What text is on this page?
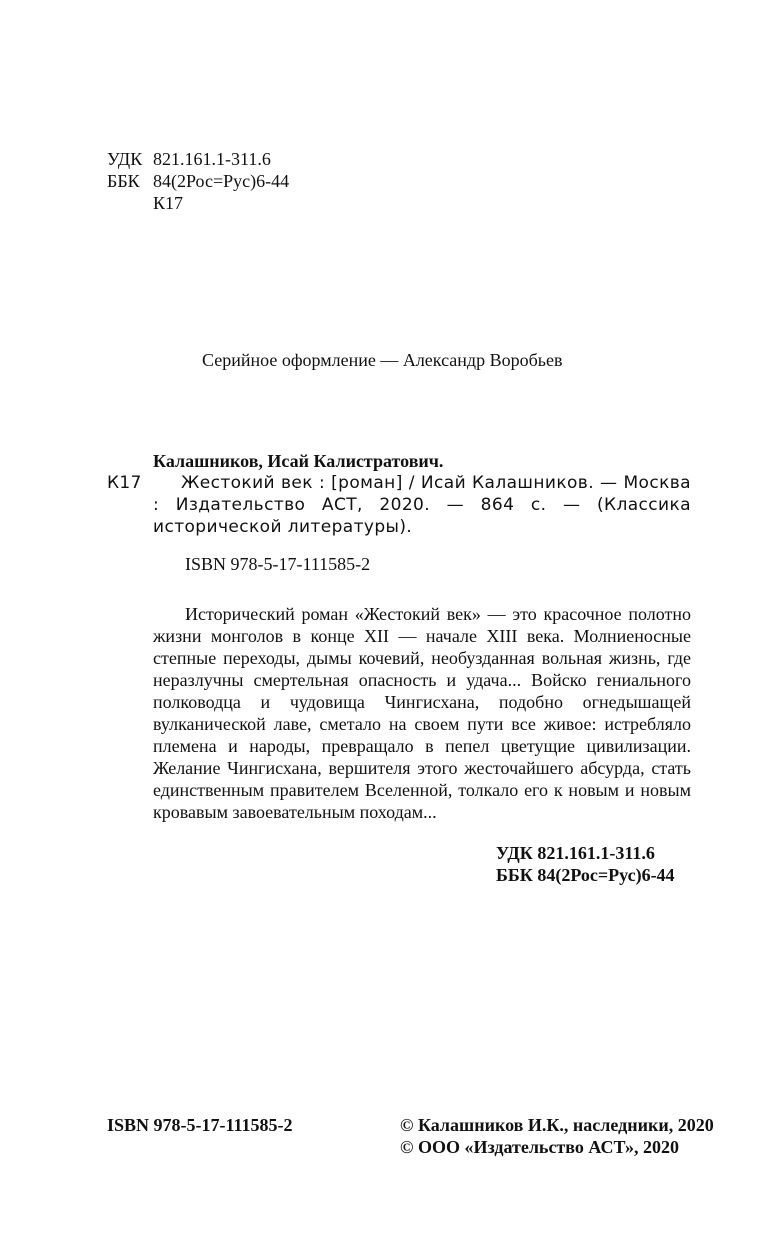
УДК 821.161.1-311.6
ББК 84(2Рос=Рус)6-44
К17
Серийное оформление — Александр Воробьев
Калашников, Исай Калистратович.
К17	Жестокий век : [роман] / Исай Калашников. — Москва : Издательство АСТ, 2020. — 864 с. — (Классика исторической литературы).

ISBN 978-5-17-111585-2

Исторический роман «Жестокий век» — это красочное полотно жизни монголов в конце XII — начале XIII века. Молниеносные степные переходы, дымы кочевий, необузданная вольная жизнь, где неразлучны смертельная опасность и удача... Войско гениального полководца и чудовища Чингисхана, подобно огнедышащей вулканической лаве, сметало на своем пути все живое: истребляло племена и народы, превращало в пепел цветущие цивилизации. Желание Чингисхана, вершителя этого жесточайшего абсурда, стать единственным правителем Вселенной, толкало его к новым и новым кровавым завоевательным походам...

УДК 821.161.1-311.6
ББК 84(2Рос=Рус)6-44
ISBN 978-5-17-111585-2	© Калашников И.К., наследники, 2020
© ООО «Издательство АСТ», 2020
